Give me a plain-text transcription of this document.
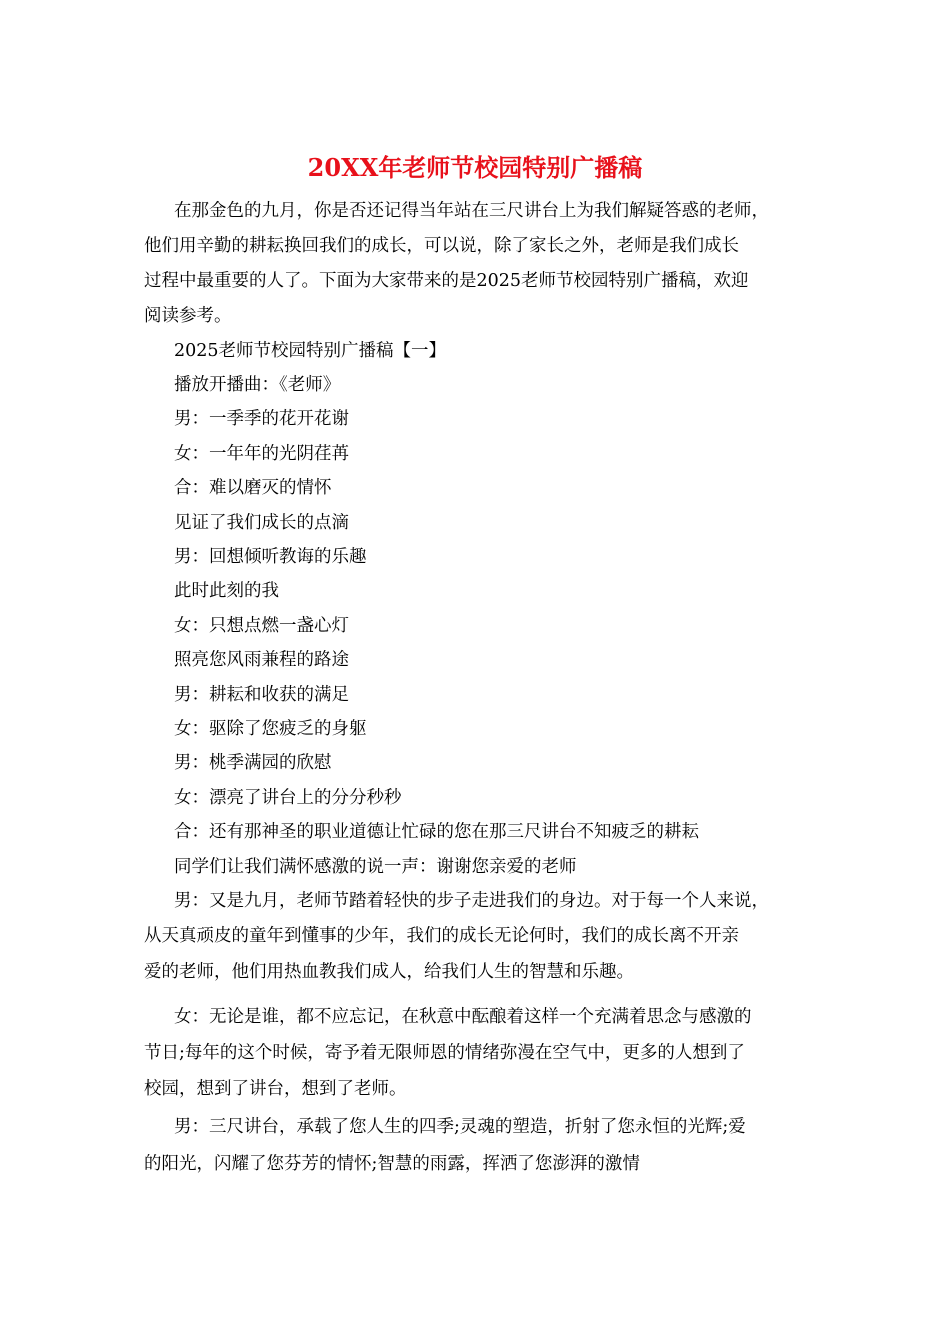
20XX年老师节校园特别广播稿
在那金色的九月，你是否还记得当年站在三尺讲台上为我们解疑答惑的老师，
他们用辛勤的耕耘换回我们的成长，可以说，除了家长之外，老师是我们成长
过程中最重要的人了。下面为大家带来的是2025老师节校园特别广播稿，欢迎
阅读参考。
2025老师节校园特别广播稿【一】
播放开播曲：《老师》
男：一季季的花开花谢
女：一年年的光阴荏苒
合：难以磨灭的情怀
见证了我们成长的点滴
男：回想倾听教诲的乐趣
此时此刻的我
女：只想点燃一盏心灯
照亮您风雨兼程的路途
男：耕耘和收获的满足
女：驱除了您疲乏的身躯
男：桃季满园的欣慰
女：漂亮了讲台上的分分秒秒
合：还有那神圣的职业道德让忙碌的您在那三尺讲台不知疲乏的耕耘
同学们让我们满怀感激的说一声：谢谢您亲爱的老师
男：又是九月，老师节踏着轻快的步子走进我们的身边。对于每一个人来说，
从天真顽皮的童年到懂事的少年，我们的成长无论何时，我们的成长离不开亲
爱的老师，他们用热血教我们成人，给我们人生的智慧和乐趣。
女：无论是谁，都不应忘记，在秋意中酝酿着这样一个充满着思念与感激的
节日;每年的这个时候，寄予着无限师恩的情绪弥漫在空气中，更多的人想到了
校园，想到了讲台，想到了老师。
男：三尺讲台，承载了您人生的四季;灵魂的塑造，折射了您永恒的光辉;爱
的阳光，闪耀了您芬芳的情怀;智慧的雨露，挥洒了您澎湃的激情
